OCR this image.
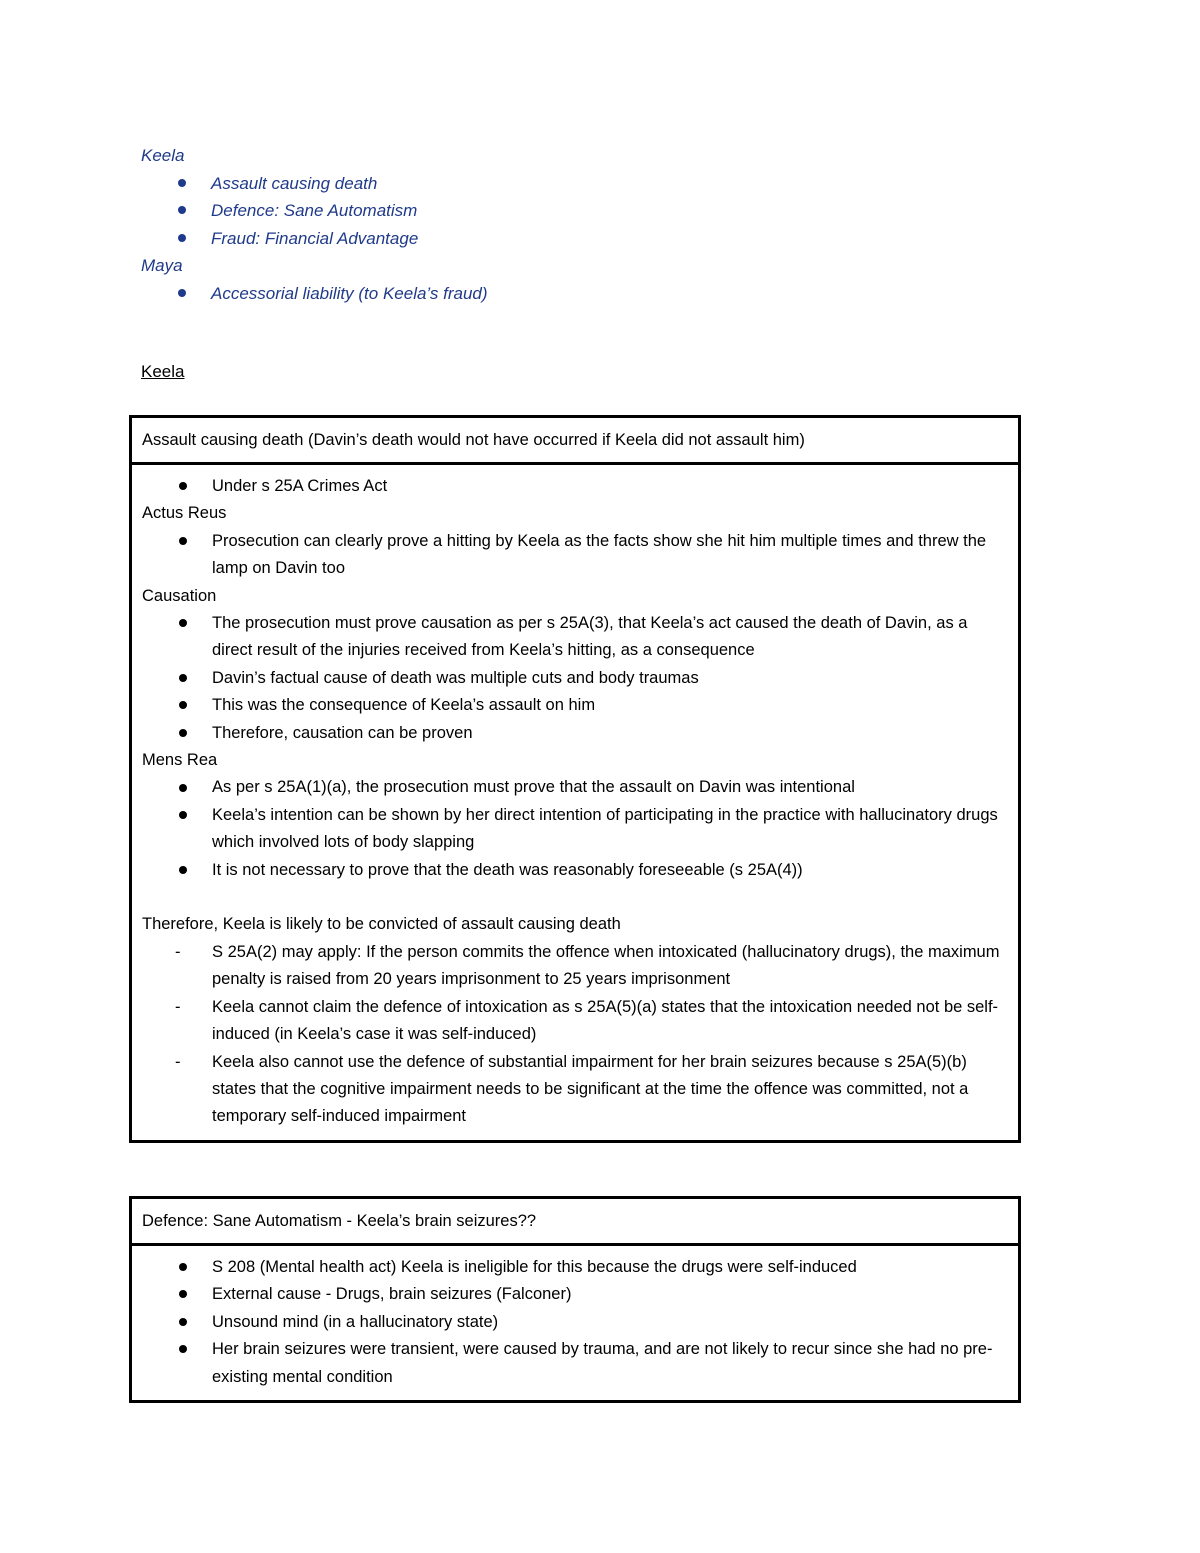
Keela

Assault causing death
Defence: Sane Automatism
Fraud: Financial Advantage

Maya

Accessorial liability (to Keela’s fraud)

Keela

Assault causing death (Davin’s death would not have occurred if Keela did not assault him)
Under s 25A Crimes Act

Actus Reus

Prosecution can clearly prove a hitting by Keela as the facts show she hit him multiple times and threw the lamp on Davin too

Causation

The prosecution must prove causation as per s 25A(3), that Keela’s act caused the death of Davin, as a direct result of the injuries received from Keela’s hitting, as a consequence
Davin’s factual cause of death was multiple cuts and body traumas
This was the consequence of Keela’s assault on him
Therefore, causation can be proven

Mens Rea

As per s 25A(1)(a), the prosecution must prove that the assault on Davin was intentional
Keela’s intention can be shown by her direct intention of participating in the practice with hallucinatory drugs which involved lots of body slapping
It is not necessary to prove that the death was reasonably foreseeable (s 25A(4))

Therefore, Keela is likely to be convicted of assault causing death

- S 25A(2) may apply: If the person commits the offence when intoxicated (hallucinatory drugs), the maximum penalty is raised from 20 years imprisonment to 25 years imprisonment
- Keela cannot claim the defence of intoxication as s 25A(5)(a) states that the intoxication needed not be self-induced (in Keela’s case it was self-induced)
- Keela also cannot use the defence of substantial impairment for her brain seizures because s 25A(5)(b) states that the cognitive impairment needs to be significant at the time the offence was committed, not a temporary self-induced impairment
Defence: Sane Automatism - Keela’s brain seizures??
S 208 (Mental health act) Keela is ineligible for this because the drugs were self-induced
External cause - Drugs, brain seizures (Falconer)
Unsound mind (in a hallucinatory state)
Her brain seizures were transient, were caused by trauma, and are not likely to recur since she had no pre-existing mental condition
